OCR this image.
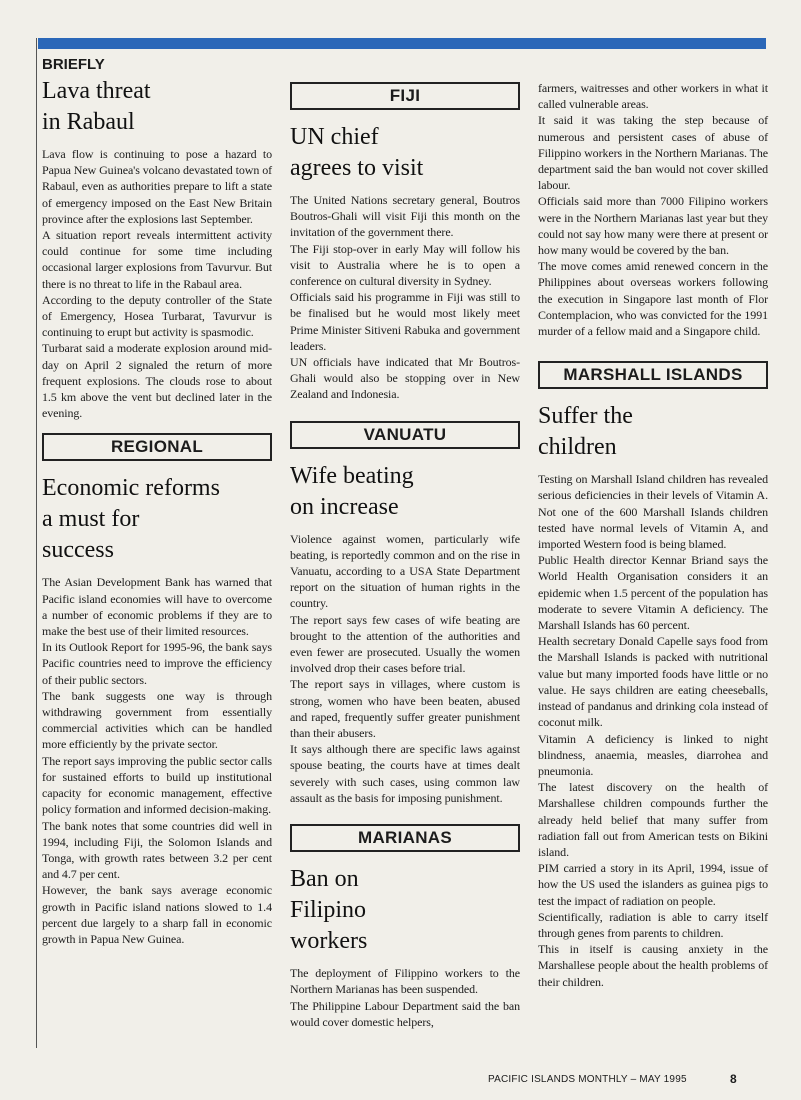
BRIEFLY
Lava threat
in Rabaul

Lava flow is continuing to pose a hazard to Papua New Guinea's volcano devastated town of Rabaul, even as authorities prepare to lift a state of emergency imposed on the East New Britain province after the explosions last September.

A situation report reveals intermittent activity could continue for some time including occasional larger explosions from Tavurvur. But there is no threat to life in the Rabaul area.

According to the deputy controller of the State of Emergency, Hosea Turbarat, Tavurvur is continuing to erupt but activity is spasmodic.

Turbarat said a moderate explosion around mid-day on April 2 signaled the return of more frequent explosions. The clouds rose to about 1.5 km above the vent but declined later in the evening.

REGIONAL
Economic reforms
a must for
success

The Asian Development Bank has warned that Pacific island economies will have to overcome a number of economic problems if they are to make the best use of their limited resources.

In its Outlook Report for 1995-96, the bank says Pacific countries need to improve the efficiency of their public sectors.

The bank suggests one way is through withdrawing government from essentially commercial activities which can be handled more efficiently by the private sector.

The report says improving the public sector calls for sustained efforts to build up institutional capacity for economic management, effective policy formation and informed decision-making.

The bank notes that some countries did well in 1994, including Fiji, the Solomon Islands and Tonga, with growth rates between 3.2 per cent and 4.7 per cent.

However, the bank says average economic growth in Pacific island nations slowed to 1.4 percent due largely to a sharp fall in economic growth in Papua New Guinea.

FIJI
UN chief
agrees to visit

The United Nations secretary general, Boutros Boutros-Ghali will visit Fiji this month on the invitation of the government there.

The Fiji stop-over in early May will follow his visit to Australia where he is to open a conference on cultural diversity in Sydney.

Officials said his programme in Fiji was still to be finalised but he would most likely meet Prime Minister Sitiveni Rabuka and government leaders.

UN officials have indicated that Mr Boutros-Ghali would also be stopping over in New Zealand and Indonesia.

VANUATU
Wife beating
on increase

Violence against women, particularly wife beating, is reportedly common and on the rise in Vanuatu, according to a USA State Department report on the situation of human rights in the country.

The report says few cases of wife beating are brought to the attention of the authorities and even fewer are prosecuted. Usually the women involved drop their cases before trial.

The report says in villages, where custom is strong, women who have been beaten, abused and raped, frequently suffer greater punishment than their abusers.

It says although there are specific laws against spouse beating, the courts have at times dealt severely with such cases, using common law assault as the basis for imposing punishment.

MARIANAS
Ban on
Filipino
workers

The deployment of Filippino workers to the Northern Marianas has been suspended.

The Philippine Labour Department said the ban would cover domestic helpers,

farmers, waitresses and other workers in what it called vulnerable areas.

It said it was taking the step because of numerous and persistent cases of abuse of Filippino workers in the Northern Marianas. The department said the ban would not cover skilled labour.

Officials said more than 7000 Filipino workers were in the Northern Marianas last year but they could not say how many were there at present or how many would be covered by the ban.

The move comes amid renewed concern in the Philippines about overseas workers following the execution in Singapore last month of Flor Contemplacion, who was convicted for the 1991 murder of a fellow maid and a Singapore child.

MARSHALL ISLANDS
Suffer the
children

Testing on Marshall Island children has revealed serious deficiencies in their levels of Vitamin A. Not one of the 600 Marshall Islands children tested have normal levels of Vitamin A, and imported Western food is being blamed.

Public Health director Kennar Briand says the World Health Organisation considers it an epidemic when 1.5 percent of the population has moderate to severe Vitamin A deficiency. The Marshall Islands has 60 percent.

Health secretary Donald Capelle says food from the Marshall Islands is packed with nutritional value but many imported foods have little or no value. He says children are eating cheeseballs, instead of pandanus and drinking cola instead of coconut milk.

Vitamin A deficiency is linked to night blindness, anaemia, measles, diarrohea and pneumonia.

The latest discovery on the health of Marshallese children compounds further the already held belief that many suffer from radiation fall out from American tests on Bikini island.

PIM carried a story in its April, 1994, issue of how the US used the islanders as guinea pigs to test the impact of radiation on people.

Scientifically, radiation is able to carry itself through genes from parents to children.

This in itself is causing anxiety in the Marshallese people about the health problems of their children.

PACIFIC ISLANDS MONTHLY – MAY 1995	8
